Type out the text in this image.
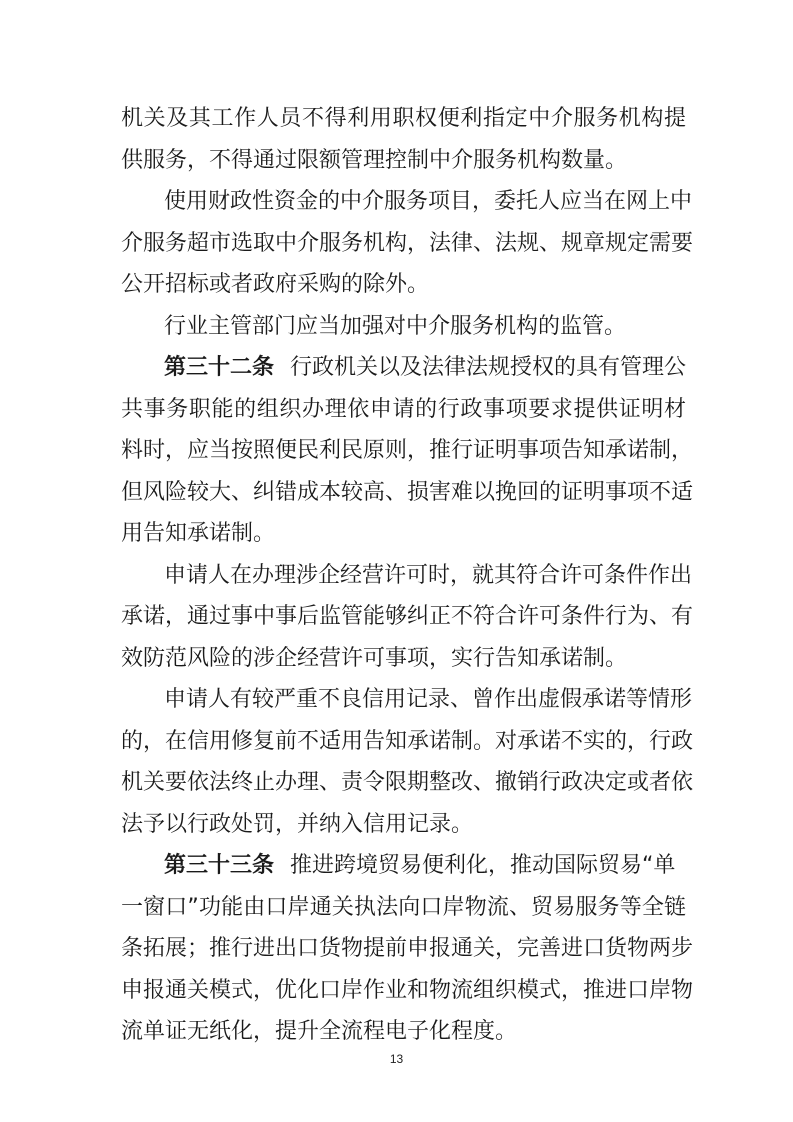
机关及其工作人员不得利用职权便利指定中介服务机构提
供服务，不得通过限额管理控制中介服务机构数量。
使用财政性资金的中介服务项目，委托人应当在网上中
介服务超市选取中介服务机构，法律、法规、规章规定需要
公开招标或者政府采购的除外。
行业主管部门应当加强对中介服务机构的监管。
第三十二条 行政机关以及法律法规授权的具有管理公
共事务职能的组织办理依申请的行政事项要求提供证明材
料时，应当按照便民利民原则，推行证明事项告知承诺制，
但风险较大、纠错成本较高、损害难以挽回的证明事项不适
用告知承诺制。
申请人在办理涉企经营许可时，就其符合许可条件作出
承诺，通过事中事后监管能够纠正不符合许可条件行为、有
效防范风险的涉企经营许可事项，实行告知承诺制。
申请人有较严重不良信用记录、曾作出虚假承诺等情形
的，在信用修复前不适用告知承诺制。对承诺不实的，行政
机关要依法终止办理、责令限期整改、撤销行政决定或者依
法予以行政处罚，并纳入信用记录。
第三十三条 推进跨境贸易便利化，推动国际贸易“单
一窗口”功能由口岸通关执法向口岸物流、贸易服务等全链
条拓展；推行进出口货物提前申报通关，完善进口货物两步
申报通关模式，优化口岸作业和物流组织模式，推进口岸物
流单证无纸化，提升全流程电子化程度。
13
